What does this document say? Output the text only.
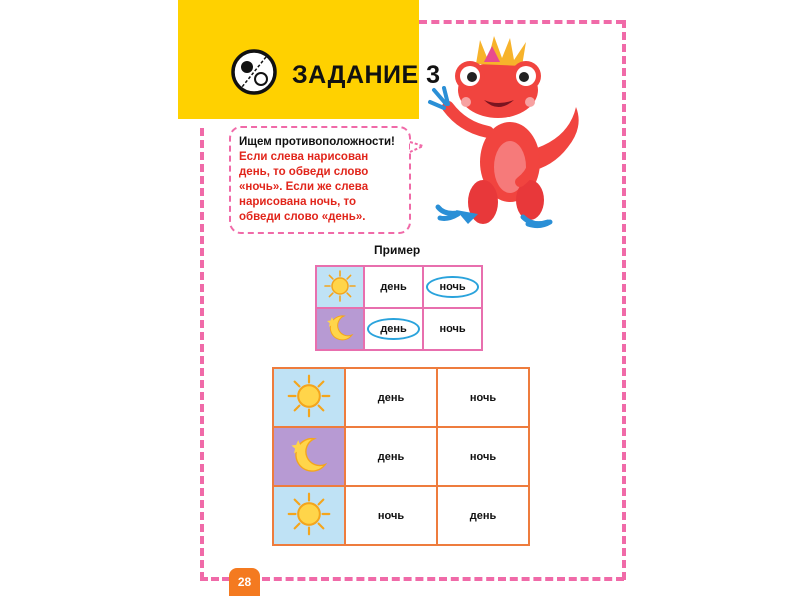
ЗАДАНИЕ 3
Ищем противоположности!
Если слева нарисован день, то обведи слово «ночь». Если же слева нарисована ночь, то обведи слово «день».
Пример
	день	ночь
	день	ночь
	день	ночь
	день	ночь
	ночь	день
28
